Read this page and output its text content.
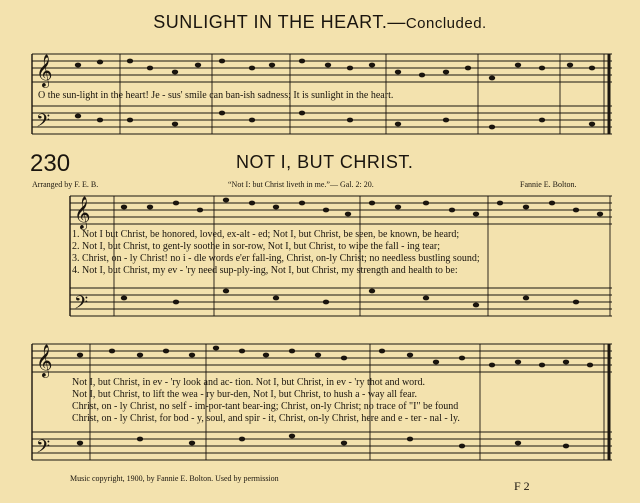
SUNLIGHT IN THE HEART.—Concluded.
𝄞
𝄢
𝄞
𝄢
𝄞
𝄢
O the sun-light in the heart! Je - sus' smile can ban-ish sadness; It is sunlight in the heart.
230	NOT I, BUT CHRIST.
Arranged by F. E. B.	“Not I: but Christ liveth in me.”— Gal. 2: 20.	Fannie E. Bolton.
1. Not I but Christ, be honored, loved, ex-alt - ed; Not I, but Christ, be seen, be known, be heard;
2. Not I, but Christ, to gent-ly soothe in sor-row, Not I, but Christ, to wipe the fall - ing tear;
3. Christ, on - ly Christ! no i - dle words e'er fall-ing, Christ, on-ly Christ; no needless bustling sound;
4. Not I, but Christ, my ev - 'ry need sup-ply-ing, Not I, but Christ, my strength and health to be:
Not I, but Christ, in ev - 'ry look and ac- tion. Not I, but Christ, in ev - 'ry thot and word.
Not I, but Christ, to lift the wea - ry bur-den, Not I, but Christ, to hush a - way all fear.
Christ, on - ly Christ, no self - im-por-tant bear-ing; Christ, on-ly Christ; no trace of "I" be found
Christ, on - ly Christ, for bod - y, soul, and spir - it, Christ, on-ly Christ, here and e - ter - nal - ly.
Music copyright, 1900, by Fannie E. Bolton. Used by permission
F 2
